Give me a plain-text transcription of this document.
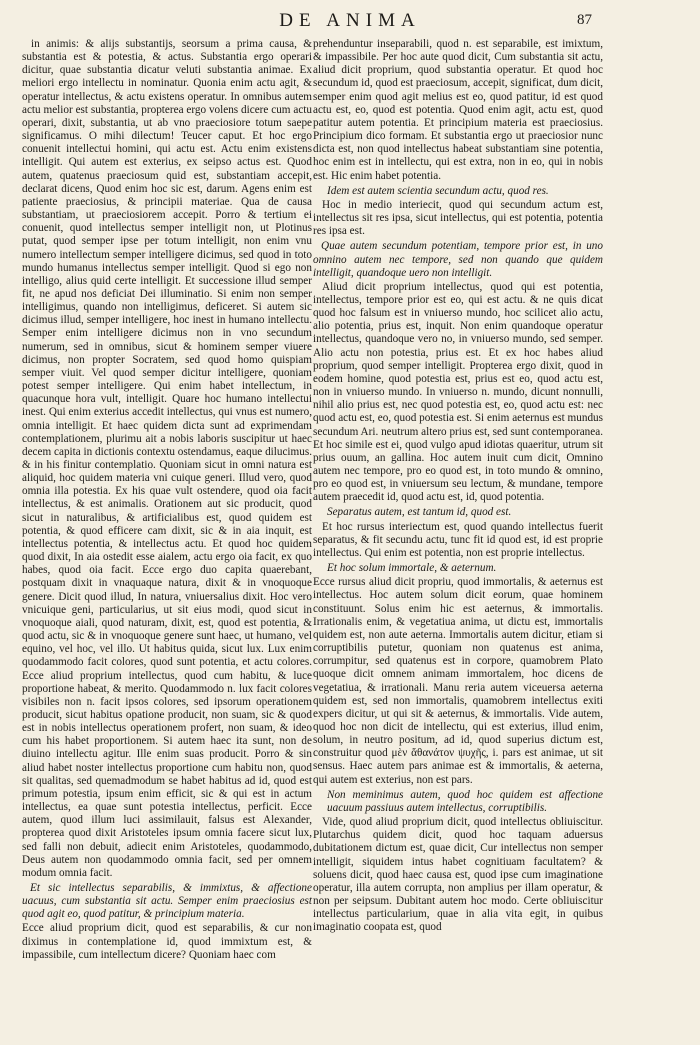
DE ANIMA	87

in animis: & alijs substantijs, seorsum a prima causa, & substantia est & potestia, & actus. Substantia ergo operari dicitur, quae substantia dicatur veluti substantia animae. Ex meliori ergo intellectu in nominatur. Quonia enim actu agit, & operatur intellectus, & actu existens operatur. In omnibus autem actu melior est substantia, propterea ergo volens dicere cum actu operari, dixit, substantia, ut ab vno praeciosiore totum saepe significamus. O mihi dilectum! Teucer caput. Et hoc ergo conuenit intellectui homini, qui actu est. Actu enim existens intelligit. Qui autem est exterius, ex seipso actus est. Quod autem, quatenus praeciosum quid est, substantiam accepit, declarat dicens, Quod enim hoc sic est, darum. Agens enim est patiente praeciosius, & principii materiae. Qua de causa substantiam, ut praeciosiorem accepit. Porro & tertium ei conuenit, quod intellectus semper intelligit non, ut Plotinus putat, quod semper ipse per totum intelligit, non enim vnu numero intellectum semper intelligere dicimus, sed quod in toto mundo humanus intellectus semper intelligit. Quod si ego non intelligo, alius quid certe intelligit. Et successione illud semper fit, ne apud nos deficiat Dei illuminatio. Si enim non semper intelligimus, quando non intelligimus, deficeret. Si autem sic dicimus illud, semper intelligere, hoc inest in humano intellectu. Semper enim intelligere dicimus non in vno secundum numerum, sed in omnibus, sicut & hominem semper viuere dicimus, non propter Socratem, sed quod homo quispiam semper viuit. Vel quod semper dicitur intelligere, quoniam potest semper intelligere. Qui enim habet intellectum, in quacunque hora vult, intelligit. Quare hoc humano intellectui inest. Qui enim exterius accedit intellectus, qui vnus est numero, omnia intelligit. Et haec quidem dicta sunt ad exprimendam contemplationem, plurimu ait a nobis laboris suscipitur ut haec decem capita in dictionis contextu ostendamus, eaque dilucimus. & in his finitur contemplatio. Quoniam sicut in omni natura est aliquid, hoc quidem materia vni cuique generi. Illud vero, quod omnia illa potestia. Ex his quae vult ostendere, quod oia facit intellectus, & est animalis. Orationem aut sic producit, quod sicut in naturalibus, & artificialibus est, quod quidem est potentia, & quod efficere cam dixit, sic & in aia inquit, est intellectus potentia, & intellectus actu. Et quod hoc quidem quod dixit, In aia ostedit esse aialem, actu ergo oia facit, ex quo habes, quod oia facit. Ecce ergo duo capita quaerebant, postquam dixit in vnaquaque natura, dixit & in vnoquoque genere. Dicit quod illud, In natura, vniuersalius dixit. Hoc vero vnicuique geni, particularius, ut sit eius modi, quod sicut in vnoquoque aiali, quod naturam, dixit, est, quod est potentia, & quod actu, sic & in vnoquoque genere sunt haec, ut humano, vel equino, vel hoc, vel illo. Ut habitus quida, sicut lux. Lux enim quodammodo facit colores, quod sunt potentia, et actu colores. Ecce aliud proprium intellectus, quod cum habitu, & luce proportione habeat, & merito. Quodammodo n. lux facit colores visibiles non n. facit ipsos colores, sed ipsorum operationem producit, sicut habitus opatione producit, non suam, sic & quod est in nobis intellectus operationem profert, non suam, & ideo cum his habet proportionem. Si autem haec ita sunt, non de diuino intellectu agitur. Ille enim suas producit. Porro & sin aliud habet noster intellectus proportione cum habitu non, quod sit qualitas, sed quemadmodum se habet habitus ad id, quod est primum potestia, ipsum enim efficit, sic & qui est in actum intellectus, ea quae sunt potestia intellectus, perficit. Ecce autem, quod illum luci assimilauit, falsus est Alexander, propterea quod dixit Aristoteles ipsum omnia facere sicut lux, sed falli non debuit, adiecit enim Aristoteles, quodammodo, Deus autem non quodammodo omnia facit, sed per omnem modum omnia facit.

Et sic intellectus separabilis, & immixtus, & affectione uacuus, cum substantia sit actu. Semper enim praeciosius est quod agit eo, quod patitur, & principium materia.

Ecce aliud proprium dicit, quod est separabilis, & cur non diximus in contemplatione id, quod immixtum est, & impassibile, cum intellectum dicere? Quoniam haec com

prehenduntur inseparabili, quod n. est separabile, est imixtum, & impassibile. Per hoc aute quod dicit, Cum substantia sit actu, aliud dicit proprium, quod substantia operatur. Et quod hoc secundum id, quod est praeciosum, accepit, significat, dum dicit, semper enim quod agit melius est eo, quod patitur, id est quod actu est, eo, quod est potentia. Quod enim agit, actu est, quod patitur autem potentia. Et principium materia est praeciosius. Principium dico formam. Et substantia ergo ut praeciosior nunc dicta est, non quod intellectus habeat substantiam sine potentia, hoc enim est in intellectu, qui est extra, non in eo, qui in nobis est. Hic enim habet potentia.

Idem est autem scientia secundum actu, quod res.

Hoc in medio interiecit, quod qui secundum actum est, intellectus sit res ipsa, sicut intellectus, qui est potentia, potentia res ipsa est.

Quae autem secundum potentiam, tempore prior est, in uno omnino autem nec tempore, sed non quando que quidem intelligit, quandoque uero non intelligit.

Aliud dicit proprium intellectus, quod qui est potentia, intellectus, tempore prior est eo, qui est actu. & ne quis dicat quod hoc falsum est in vniuerso mundo, hoc scilicet alio actu, alio potentia, prius est, inquit. Non enim quandoque operatur intellectus, quandoque vero no, in vniuerso mundo, sed semper. Alio actu non potestia, prius est. Et ex hoc habes aliud proprium, quod semper intelligit. Propterea ergo dixit, quod in eodem homine, quod potestia est, prius est eo, quod actu est, non in vniuerso mundo. In vniuerso n. mundo, dicunt nonnulli, nihil alio prius est, nec quod potestia est, eo, quod actu est: nec quod actu est, eo, quod potestia est. Si enim aeternus est mundus secundum Ari. neutrum altero prius est, sed sunt contemporanea. Et hoc simile est ei, quod vulgo apud idiotas quaeritur, utrum sit prius ouum, an gallina. Hoc autem inuit cum dicit, Omnino autem nec tempore, pro eo quod est, in toto mundo & omnino, pro eo quod est, in vniuersum seu lectum, & mundane, tempore autem praecedit id, quod actu est, id, quod potentia.

Separatus autem, est tantum id, quod est.

Et hoc rursus interiectum est, quod quando intellectus fuerit separatus, & fit secundu actu, tunc fit id quod est, id est proprie intellectus. Qui enim est potentia, non est proprie intellectus.

Et hoc solum immortale, & aeternum.

Ecce rursus aliud dicit propriu, quod immortalis, & aeternus est intellectus. Hoc autem solum dicit eorum, quae hominem constituunt. Solus enim hic est aeternus, & immortalis. Irrationalis enim, & vegetatiua anima, ut dictu est, immortalis quidem est, non aute aeterna. Immortalis autem dicitur, etiam si corruptibilis putetur, quoniam non quatenus est anima, corrumpitur, sed quatenus est in corpore, quamobrem Plato quoque dicit omnem animam immortalem, hoc dicens de vegetatiua, & irrationali. Manu reria autem viceuersa aeterna quidem est, sed non immortalis, quamobrem intellectus exiti expers dicitur, ut qui sit & aeternus, & immortalis. Vide autem, quod hoc non dicit de intellectu, qui est exterius, illud enim, solum, in neutro positum, ad id, quod superius dictum est, construitur quod μὲν ἄθανάτον ψυχῆς, i. pars est animae, ut sit sensus. Haec autem pars animae est & immortalis, & aeterna, qui autem est exterius, non est pars.

Non meminimus autem, quod hoc quidem est affectione uacuum passiuus autem intellectus, corruptibilis.

Vide, quod aliud proprium dicit, quod intellectus obliuiscitur. Plutarchus quidem dicit, quod hoc taquam aduersus dubitationem dictum est, quae dicit, Cur intellectus non semper intelligit, siquidem intus habet cognitiuam facultatem? & soluens dicit, quod haec causa est, quod ipse cum imaginatione operatur, illa autem corrupta, non amplius per illam operatur, & non per seipsum. Dubitant autem hoc modo. Certe obliuiscitur intellectus particularium, quae in alia vita egit, in quibus imaginatio coopata est, quod
